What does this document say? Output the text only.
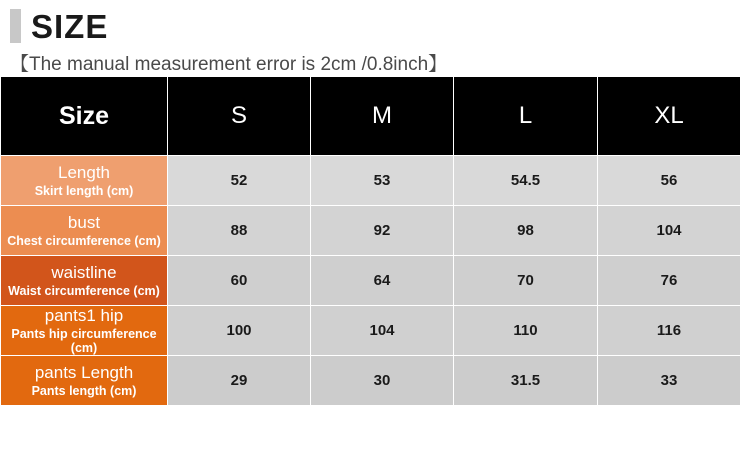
SIZE
【The manual measurement error is 2cm /0.8inch】
Size	S	M	L	XL

Length
Skirt length (cm)	52	53	54.5	56

bust
Chest circumference (cm)	88	92	98	104

waistline
Waist circumference (cm)	60	64	70	76

pants1 hip
Pants hip circumference (cm)	100	104	110	116

pants Length
Pants length (cm)	29	30	31.5	33
